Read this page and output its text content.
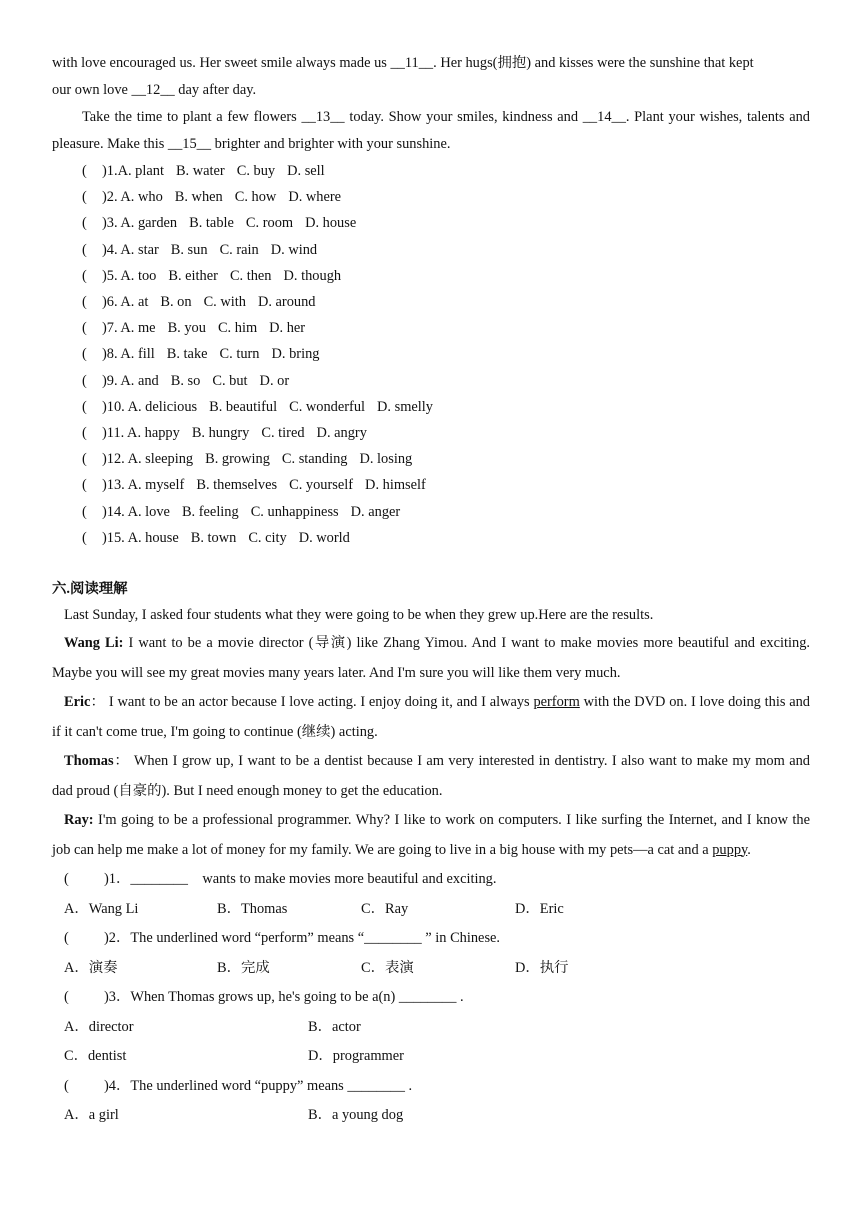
with love encouraged us. Her sweet smile always made us __11__. Her hugs(拥抱) and kisses were the sunshine that kept
our own love __12__ day after day.

Take the time to plant a few flowers __13__ today. Show your smiles, kindness and __14__. Plant your wishes, talents and pleasure. Make this __15__ brighter and brighter with your sunshine.

( )1.A. plant B. water C. buy D. sell
( )2. A. who B. when C. how D. where
( )3. A. garden B. table C. room D. house
( )4. A. star B. sun C. rain D. wind
( )5. A. too B. either C. then D. though
( )6. A. at B. on C. with D. around
( )7. A. me B. you C. him D. her
( )8. A. fill B. take C. turn D. bring
( )9. A. and B. so C. but D. or
( )10. A. delicious B. beautiful C. wonderful D. smelly
( )11. A. happy B. hungry C. tired D. angry
( )12. A. sleeping B. growing C. standing D. losing
( )13. A. myself B. themselves C. yourself D. himself
( )14. A. love B. feeling C. unhappiness D. anger
( )15. A. house B. town C. city D. world
六.阅读理解
Last Sunday, I asked four students what they were going to be when they grew up.Here are the results.

Wang Li: I want to be a movie director (导演) like Zhang Yimou. And I want to make movies more beautiful and exciting. Maybe you will see my great movies many years later. And I'm sure you will like them very much.

Eric： I want to be an actor because I love acting. I enjoy doing it, and I always perform with the DVD on. I love doing this and if it can't come true, I'm going to continue (继续) acting.

Thomas： When I grow up, I want to be a dentist because I am very interested in dentistry. I also want to make my mom and dad proud (自豪的). But I need enough money to get the education.

Ray: I'm going to be a professional programmer. Why? I like to work on computers. I like surfing the Internet, and I know the job can help me make a lot of money for my family. We are going to live in a big house with my pets—a cat and a puppy.

( )1．________    wants to make movies more beautiful and exciting.
A．Wang Li	B．Thomas	C．Ray	D．Eric
( )2．The underlined word “perform” means “________ ” in Chinese.
A．演奏	B．完成	C．表演	D．执行
( )3．When Thomas grows up, he's going to be a(n) ________ .
A．director	B．actor
C．dentist	D．programmer
( )4．The underlined word “puppy” means ________ .
A．a girl	B．a young dog
